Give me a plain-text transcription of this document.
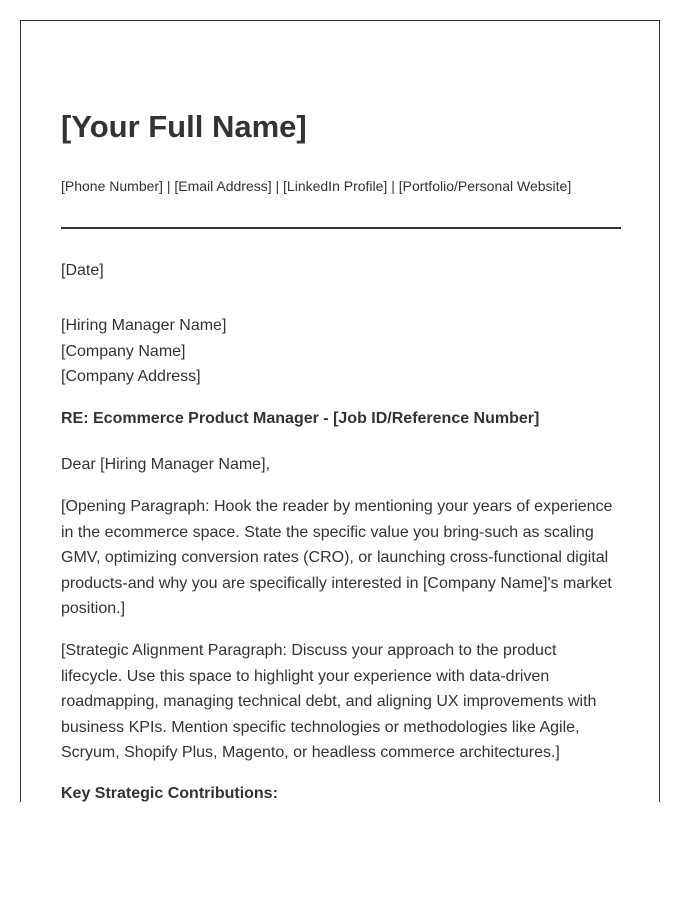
[Your Full Name]
[Phone Number] | [Email Address] | [LinkedIn Profile] | [Portfolio/Personal Website]
[Date]
[Hiring Manager Name]
[Company Name]
[Company Address]
RE: Ecommerce Product Manager - [Job ID/Reference Number]
Dear [Hiring Manager Name],
[Opening Paragraph: Hook the reader by mentioning your years of experience
in the ecommerce space. State the specific value you bring-such as scaling
GMV, optimizing conversion rates (CRO), or launching cross-functional digital
products-and why you are specifically interested in [Company Name]'s market
position.]
[Strategic Alignment Paragraph: Discuss your approach to the product
lifecycle. Use this space to highlight your experience with data-driven
roadmapping, managing technical debt, and aligning UX improvements with
business KPIs. Mention specific technologies or methodologies like Agile,
Scryum, Shopify Plus, Magento, or headless commerce architectures.]
Key Strategic Contributions:
